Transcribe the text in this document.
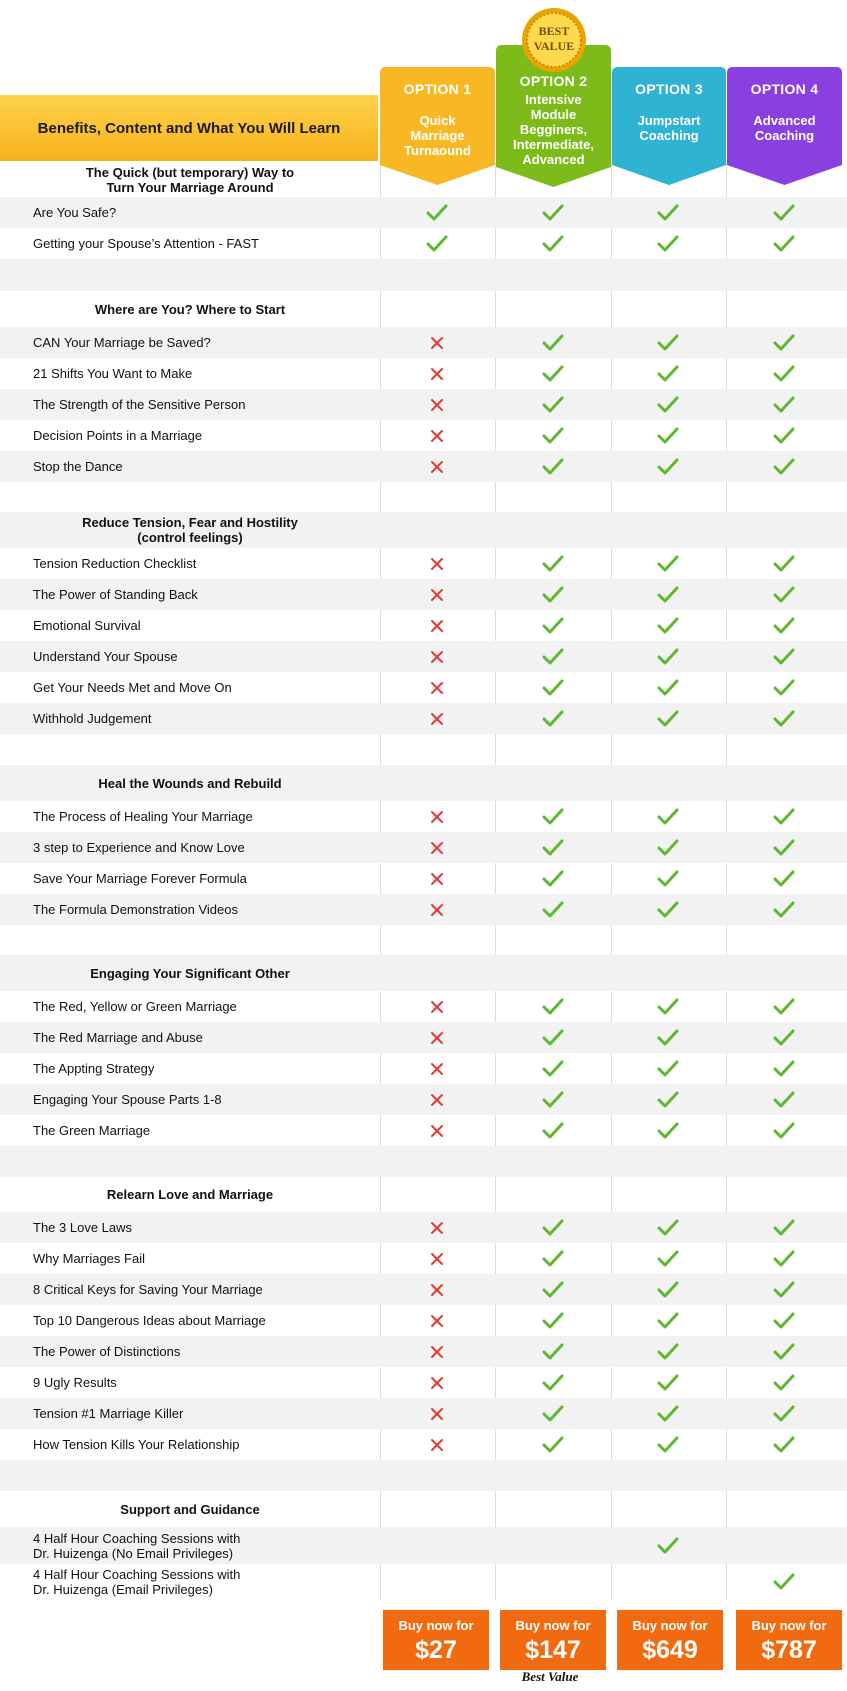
Benefits, Content and What You Will Learn
OPTION 1
Quick
Marriage
Turnaound
OPTION 2
Intensive
Module
Begginers,
Intermediate,
Advanced
OPTION 3
Jumpstart
Coaching
OPTION 4
Advanced
Coaching
BEST
VALUE
The Quick (but temporary) Way to
Turn Your Marriage Around
Are You Safe?
Getting your Spouse’s Attention - FAST
Where are You? Where to Start
CAN Your Marriage be Saved?
21 Shifts You Want to Make
The Strength of the Sensitive Person
Decision Points in a Marriage
Stop the Dance
Reduce Tension, Fear and Hostility
(control feelings)
Tension Reduction Checklist
The Power of Standing Back
Emotional Survival
Understand Your Spouse
Get Your Needs Met and Move On
Withhold Judgement
Heal the Wounds and Rebuild
The Process of Healing Your Marriage
3 step to Experience and Know Love
Save Your Marriage Forever Formula
The Formula Demonstration Videos
Engaging Your Significant Other
The Red, Yellow or Green Marriage
The Red Marriage and Abuse
The Appting Strategy
Engaging Your Spouse Parts 1-8
The Green Marriage
Relearn Love and Marriage
The 3 Love Laws
Why Marriages Fail
8 Critical Keys for Saving Your Marriage
Top 10 Dangerous Ideas about Marriage
The Power of Distinctions
9 Ugly Results
Tension #1 Marriage Killer
How Tension Kills Your Relationship
Support and Guidance
4 Half Hour Coaching Sessions with
Dr. Huizenga (No Email Privileges)
4 Half Hour Coaching Sessions with
Dr. Huizenga (Email Privileges)
Buy now for
$27
Buy now for
$147
Buy now for
$649
Buy now for
$787
Best Value
